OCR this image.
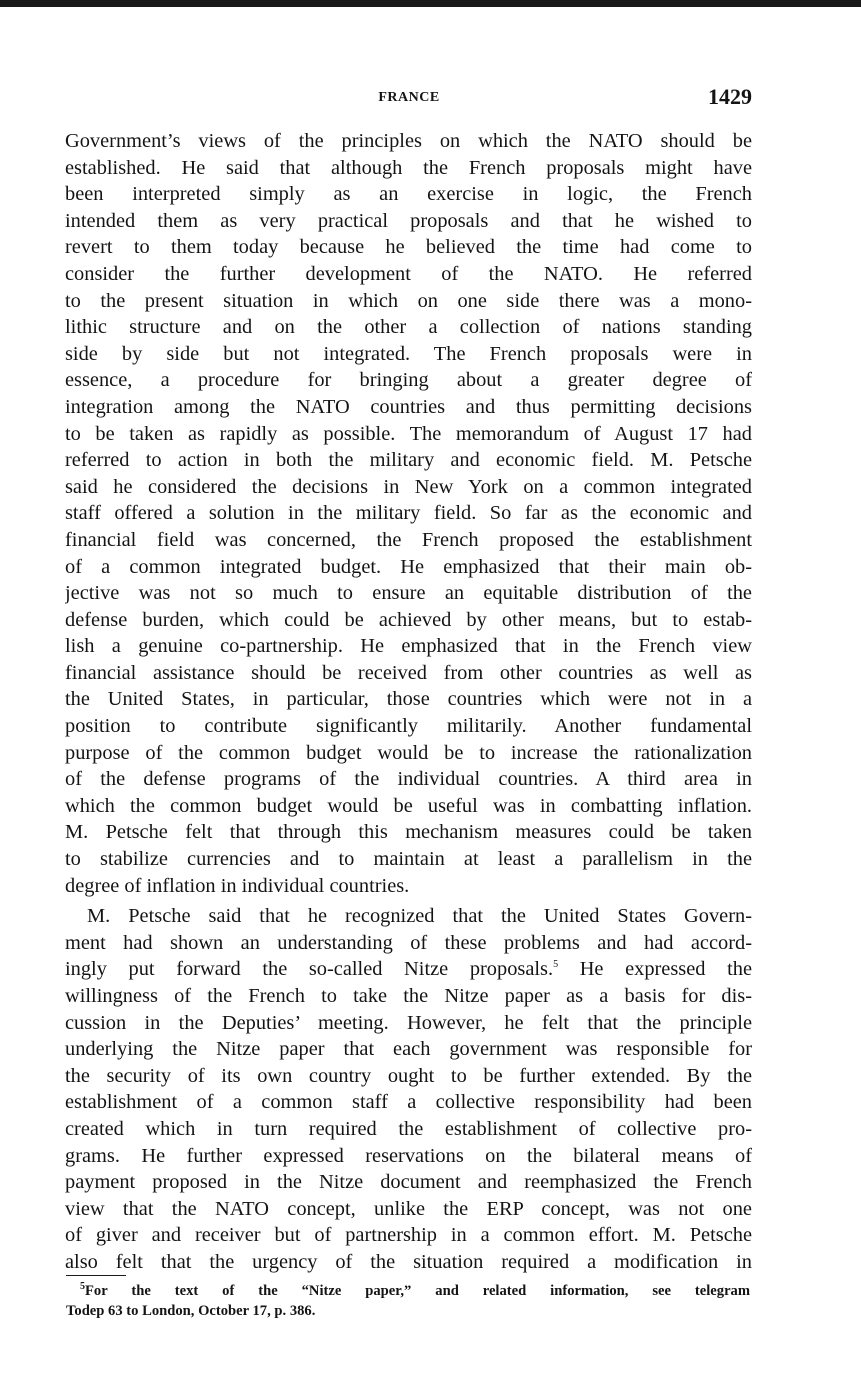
FRANCE	1429
Government’s views of the principles on which the NATO should be
established. He said that although the French proposals might have
been interpreted simply as an exercise in logic, the French
intended them as very practical proposals and that he wished to
revert to them today because he believed the time had come to
consider the further development of the NATO. He referred
to the present situation in which on one side there was a mono-
lithic structure and on the other a collection of nations standing
side by side but not integrated. The French proposals were in
essence, a procedure for bringing about a greater degree of
integration among the NATO countries and thus permitting decisions
to be taken as rapidly as possible. The memorandum of August 17 had
referred to action in both the military and economic field. M. Petsche
said he considered the decisions in New York on a common integrated
staff offered a solution in the military field. So far as the economic and
financial field was concerned, the French proposed the establishment
of a common integrated budget. He emphasized that their main ob-
jective was not so much to ensure an equitable distribution of the
defense burden, which could be achieved by other means, but to estab-
lish a genuine co-partnership. He emphasized that in the French view
financial assistance should be received from other countries as well as
the United States, in particular, those countries which were not in a
position to contribute significantly militarily. Another fundamental
purpose of the common budget would be to increase the rationalization
of the defense programs of the individual countries. A third area in
which the common budget would be useful was in combatting inflation.
M. Petsche felt that through this mechanism measures could be taken
to stabilize currencies and to maintain at least a parallelism in the
degree of inflation in individual countries.
M. Petsche said that he recognized that the United States Govern-
ment had shown an understanding of these problems and had accord-
ingly put forward the so-called Nitze proposals.$^5$ He expressed the
willingness of the French to take the Nitze paper as a basis for dis-
cussion in the Deputies’ meeting. However, he felt that the principle
underlying the Nitze paper that each government was responsible for
the security of its own country ought to be further extended. By the
establishment of a common staff a collective responsibility had been
created which in turn required the establishment of collective pro-
grams. He further expressed reservations on the bilateral means of
payment proposed in the Nitze document and reemphasized the French
view that the NATO concept, unlike the ERP concept, was not one
of giver and receiver but of partnership in a common effort. M. Petsche
also felt that the urgency of the situation required a modification in
$^5$For the text of the “Nitze paper,” and related information, see telegram
Todep 63 to London, October 17, p. 386.
